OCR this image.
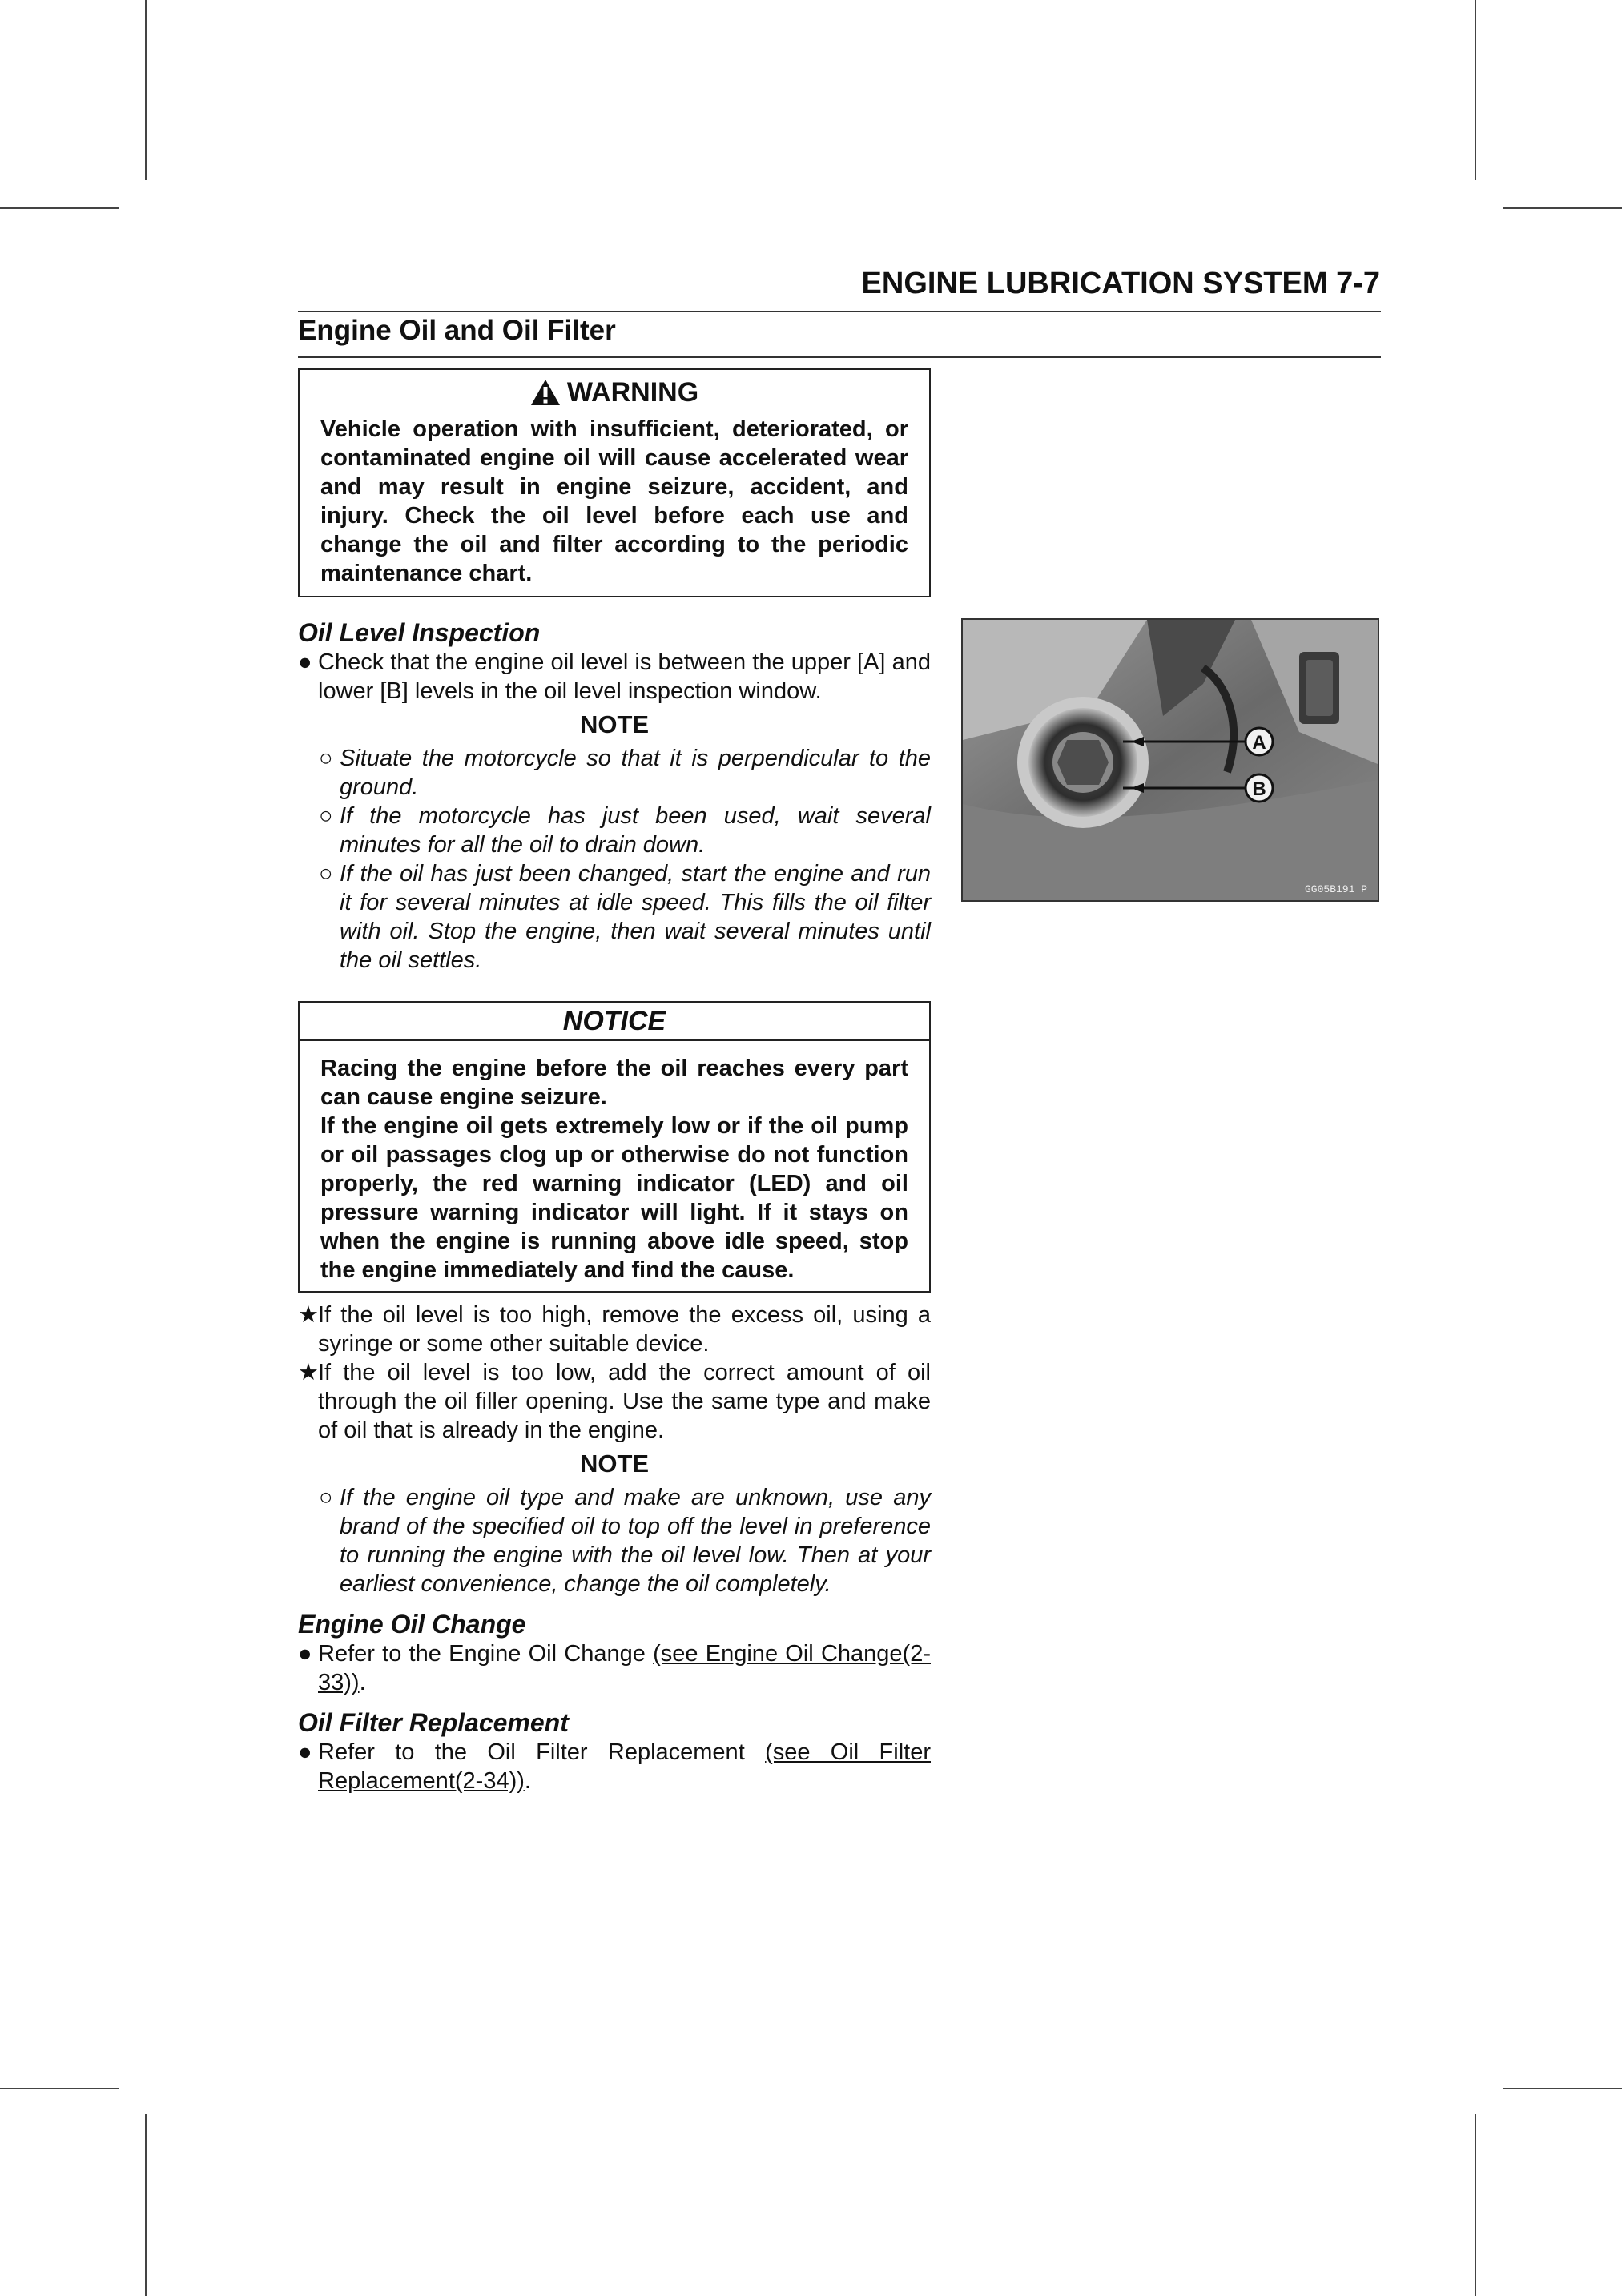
ENGINE LUBRICATION SYSTEM 7-7
Engine Oil and Oil Filter
WARNING
Vehicle operation with insufficient, deteriorated, or contaminated engine oil will cause accelerated wear and may result in engine seizure, accident, and injury. Check the oil level before each use and change the oil and filter according to the periodic maintenance chart.
Oil Level Inspection

● Check that the engine oil level is between the upper [A] and lower [B] levels in the oil level inspection window.

NOTE

○ Situate the motorcycle so that it is perpendicular to the ground.

○ If the motorcycle has just been used, wait several minutes for all the oil to drain down.

○ If the oil has just been changed, start the engine and run it for several minutes at idle speed. This fills the oil filter with oil. Stop the engine, then wait several minutes until the oil settles.

NOTICE
Racing the engine before the oil reaches every part can cause engine seizure.
If the engine oil gets extremely low or if the oil pump or oil passages clog up or otherwise do not function properly, the red warning indicator (LED) and oil pressure warning indicator will light. If it stays on when the engine is running above idle speed, stop the engine immediately and find the cause.

★ If the oil level is too high, remove the excess oil, using a syringe or some other suitable device.

★ If the oil level is too low, add the correct amount of oil through the oil filler opening. Use the same type and make of oil that is already in the engine.

NOTE

○ If the engine oil type and make are unknown, use any brand of the specified oil to top off the level in preference to running the engine with the oil level low. Then at your earliest convenience, change the oil completely.

Engine Oil Change

● Refer to the Engine Oil Change (see Engine Oil Change(2-33)).

Oil Filter Replacement

● Refer to the Oil Filter Replacement (see Oil Filter Replacement(2-34)).

A
B
GG05B191 P
